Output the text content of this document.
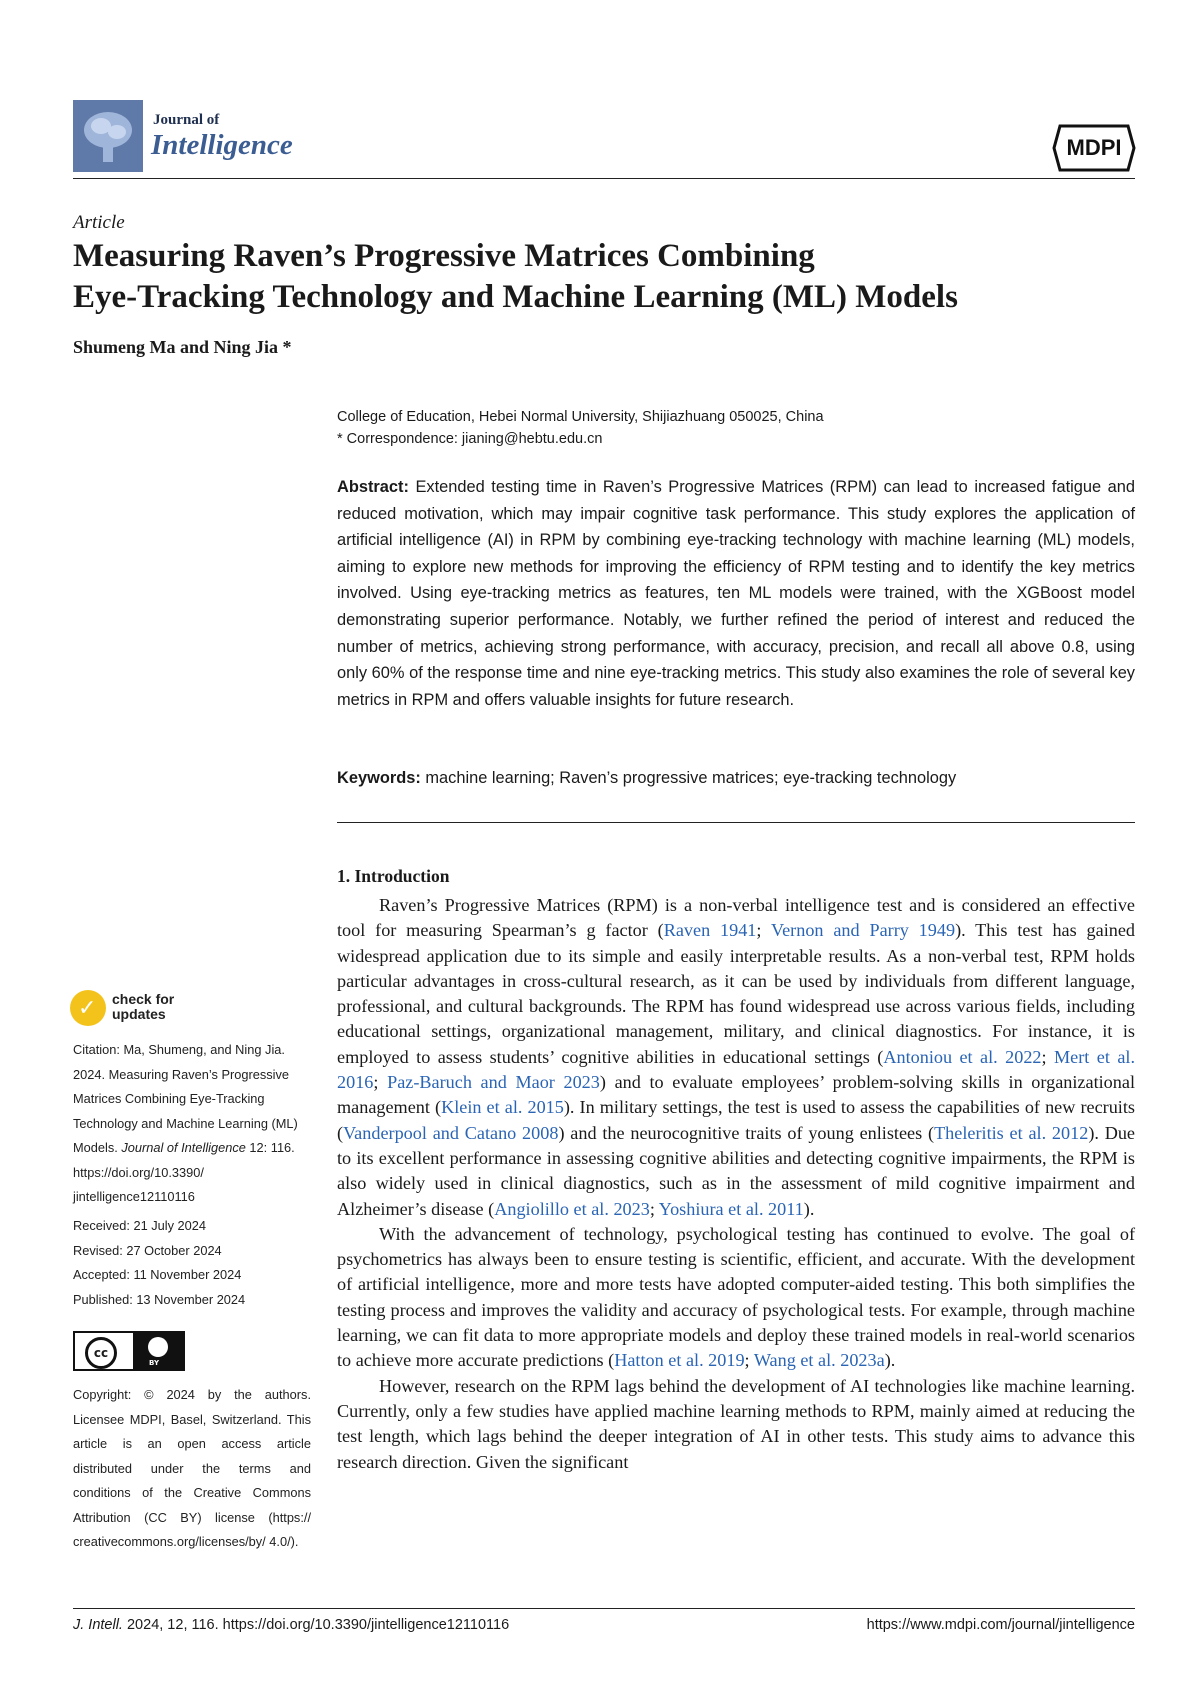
Journal of
Intelligence	MDPI
Article
Measuring Raven’s Progressive Matrices Combining
Eye-Tracking Technology and Machine Learning (ML) Models
Shumeng Ma and Ning Jia *
College of Education, Hebei Normal University, Shijiazhuang 050025, China
* Correspondence: jianing@hebtu.edu.cn
Abstract: Extended testing time in Raven’s Progressive Matrices (RPM) can lead to increased fatigue and reduced motivation, which may impair cognitive task performance. This study explores the application of artificial intelligence (AI) in RPM by combining eye-tracking technology with machine learning (ML) models, aiming to explore new methods for improving the efficiency of RPM testing and to identify the key metrics involved. Using eye-tracking metrics as features, ten ML models were trained, with the XGBoost model demonstrating superior performance. Notably, we further refined the period of interest and reduced the number of metrics, achieving strong performance, with accuracy, precision, and recall all above 0.8, using only 60% of the response time and nine eye-tracking metrics. This study also examines the role of several key metrics in RPM and offers valuable insights for future research.
Keywords: machine learning; Raven’s progressive matrices; eye-tracking technology
1. Introduction

Raven’s Progressive Matrices (RPM) is a non-verbal intelligence test and is considered an effective tool for measuring Spearman’s g factor (Raven 1941; Vernon and Parry 1949). This test has gained widespread application due to its simple and easily interpretable results. As a non-verbal test, RPM holds particular advantages in cross-cultural research, as it can be used by individuals from different language, professional, and cultural backgrounds. The RPM has found widespread use across various fields, including educational settings, organizational management, military, and clinical diagnostics. For instance, it is employed to assess students’ cognitive abilities in educational settings (Antoniou et al. 2022; Mert et al. 2016; Paz-Baruch and Maor 2023) and to evaluate employees’ problem-solving skills in organizational management (Klein et al. 2015). In military settings, the test is used to assess the capabilities of new recruits (Vanderpool and Catano 2008) and the neurocognitive traits of young enlistees (Theleritis et al. 2012). Due to its excellent performance in assessing cognitive abilities and detecting cognitive impairments, the RPM is also widely used in clinical diagnostics, such as in the assessment of mild cognitive impairment and Alzheimer’s disease (Angiolillo et al. 2023; Yoshiura et al. 2011).

With the advancement of technology, psychological testing has continued to evolve. The goal of psychometrics has always been to ensure testing is scientific, efficient, and accurate. With the development of artificial intelligence, more and more tests have adopted computer-aided testing. This both simplifies the testing process and improves the validity and accuracy of psychological tests. For example, through machine learning, we can fit data to more appropriate models and deploy these trained models in real-world scenarios to achieve more accurate predictions (Hatton et al. 2019; Wang et al. 2023a).

However, research on the RPM lags behind the development of AI technologies like machine learning. Currently, only a few studies have applied machine learning methods to RPM, mainly aimed at reducing the test length, which lags behind the deeper integration of AI in other tests. This study aims to advance this research direction. Given the significant

✓ check for
updates
Citation: Ma, Shumeng, and Ning Jia. 2024. Measuring Raven’s Progressive Matrices Combining Eye-Tracking Technology and Machine Learning (ML) Models. Journal of Intelligence 12: 116. https://doi.org/10.3390/ jintelligence12110116
Received: 21 July 2024
Revised: 27 October 2024
Accepted: 11 November 2024
Published: 13 November 2024
cc
BY
Copyright: © 2024 by the authors. Licensee MDPI, Basel, Switzerland. This article is an open access article distributed under the terms and conditions of the Creative Commons Attribution (CC BY) license (https:// creativecommons.org/licenses/by/ 4.0/).
J. Intell. 2024, 12, 116. https://doi.org/10.3390/jintelligence12110116	https://www.mdpi.com/journal/jintelligence
